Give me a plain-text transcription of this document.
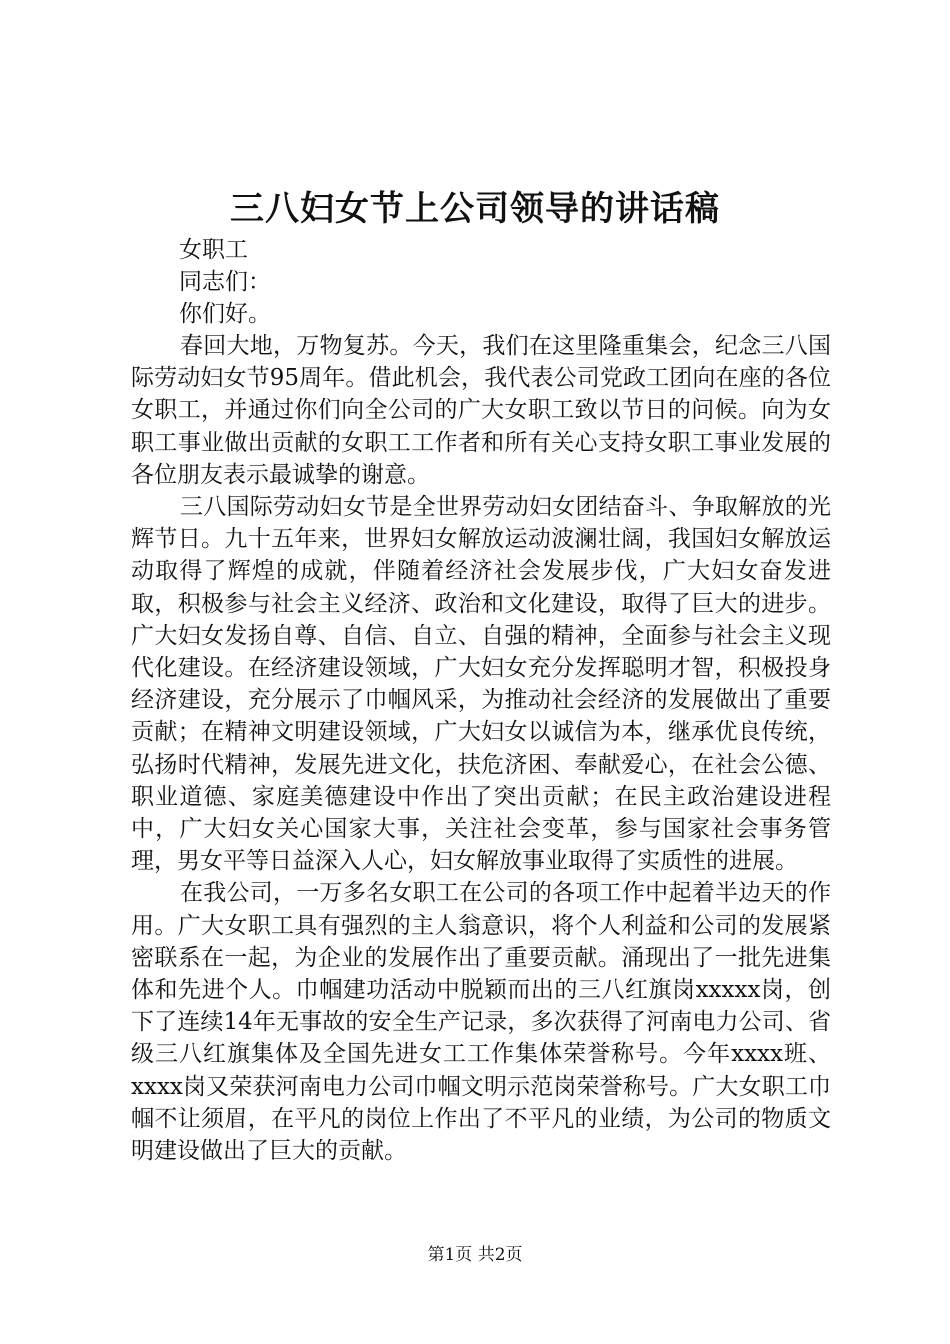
三八妇女节上公司领导的讲话稿

女职工

同志们：

你们好。

春回大地，万物复苏。今天，我们在这里隆重集会，纪念三八国际劳动妇女节95周年。借此机会，我代表公司党政工团向在座的各位女职工，并通过你们向全公司的广大女职工致以节日的问候。向为女职工事业做出贡献的女职工工作者和所有关心支持女职工事业发展的各位朋友表示最诚挚的谢意。

三八国际劳动妇女节是全世界劳动妇女团结奋斗、争取解放的光辉节日。九十五年来，世界妇女解放运动波澜壮阔，我国妇女解放运动取得了辉煌的成就，伴随着经济社会发展步伐，广大妇女奋发进取，积极参与社会主义经济、政治和文化建设，取得了巨大的进步。广大妇女发扬自尊、自信、自立、自强的精神，全面参与社会主义现代化建设。在经济建设领域，广大妇女充分发挥聪明才智，积极投身经济建设，充分展示了巾帼风采，为推动社会经济的发展做出了重要贡献；在精神文明建设领域，广大妇女以诚信为本，继承优良传统，弘扬时代精神，发展先进文化，扶危济困、奉献爱心，在社会公德、职业道德、家庭美德建设中作出了突出贡献；在民主政治建设进程中，广大妇女关心国家大事，关注社会变革，参与国家社会事务管理，男女平等日益深入人心，妇女解放事业取得了实质性的进展。

在我公司，一万多名女职工在公司的各项工作中起着半边天的作用。广大女职工具有强烈的主人翁意识，将个人利益和公司的发展紧密联系在一起，为企业的发展作出了重要贡献。涌现出了一批先进集体和先进个人。巾帼建功活动中脱颖而出的三八红旗岗xxxxx岗，创下了连续14年无事故的安全生产记录，多次获得了河南电力公司、省级三八红旗集体及全国先进女工工作集体荣誉称号。今年xxxx班、xxxx岗又荣获河南电力公司巾帼文明示范岗荣誉称号。广大女职工巾帼不让须眉，在平凡的岗位上作出了不平凡的业绩，为公司的物质文明建设做出了巨大的贡献。

第1页 共2页
